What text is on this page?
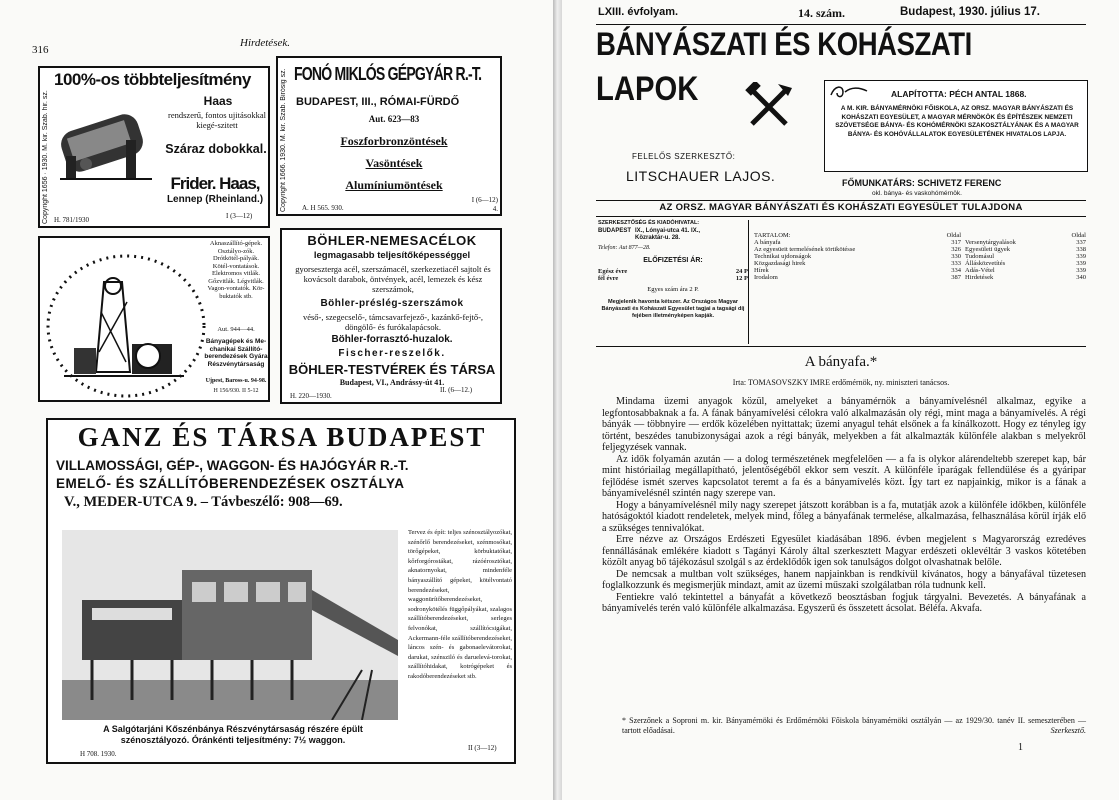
316
Hirdetések.
Copyright 1656 · 1930. M. kir. Szab. hir. sz.
100%-os többteljesítmény
Haas
rendszerű, fontos ujitásokkal kiegé-szitett
Száraz dobokkal.
Frider. Haas,
Lennep (Rheinland.)
H. 781/1930	I (3—12)
Copyright 1666. 1930. M. kir. Szab. Birósig sz. FONÓ MIKLÓS GÉPGYÁR R.-T.
BUDAPEST, III., RÓMAI-FÜRDŐ
Aut. 623—83
Foszforbronzöntések
Vasöntések
Alumíniumöntések
A. H 565. 930.
I (6—12)
4.
Aknaszállító-gépek. Osztályo-zók. Drótkötél-pályák. Kötél-vontatások. Elektromos vitlák. Gőzvitlák. Légvitlák. Vagon-vontatók. Kör-buktatók stb.
Aut. 944—44.
Bányagépek és Me-chanikai Szállító-berendezések Gyára Részvénytársaság
Ujpest, Baross-u. 94-98.
H 156/930. II 5-12
BÖHLER-NEMESACÉLOK
legmagasabb teljesítőképességgel
gyorseszterga acél, szerszámacél, szerkezetiacél sajtolt és kovácsolt darabok, öntvények, acél, lemezek és kész szerszámok,
Böhler-préslég-szerszámok
véső-, szegecselő-, támcsavarfejező-, kazánkő-fejtő-, döngölő- és furókalapácsok.
Böhler-forrasztó-huzalok.
Fischer-reszelők.
BÖHLER-TESTVÉREK ÉS TÁRSA
Budapest, VI., Andrássy-út 41.
H. 220—1930.
II. (6—12.)
GANZ ÉS TÁRSA BUDAPEST
VILLAMOSSÁGI, GÉP-, WAGGON- ÉS HAJÓGYÁR R.-T.
EMELŐ- ÉS SZÁLLÍTÓBERENDEZÉSEK OSZTÁLYA
V., MEDER-UTCA 9. – Távbeszélő: 908—69.
Tervez és épít: teljes szénosztályozókat, szénőrlő berendezéseket, szénmosókat, törőgépeket, körbuktatókat, kőrforgórostákat, rázóérosztókat, aknatornyokat, mindenféle bányaszállító gépeket, kötélvontató berendezéseket, waggonürítőberendezéseket, sodronykötélés függőpályákat, szalagos szállítóberendezéseket, serleges felvonókat, szállítócsigákat, Ackermann-féle szállítóberendezéseket, láncos szén- és gabonaelevátorokat, darukat, szénsziló és daruelevá-torokat, szállítóhidakat, kotrógépeket és rakodóberendezéseket stb.
A Salgótarjáni Kőszénbánya Részvénytársaság részére épült szénosztályozó. Óránkénti teljesítmény: 7½ waggon.
H 708. 1930.
II (3—12)
LXIII. évfolyam.	14. szám.	Budapest, 1930. július 17.
BÁNYÁSZATI ÉS KOHÁSZATI
LAPOK	ALAPÍTOTTA: PÉCH ANTAL 1868.
A M. KIR. BÁNYAMÉRNÖKI FŐISKOLA, AZ ORSZ. MAGYAR BÁNYÁSZATI ÉS KOHÁSZATI EGYESÜLET, A MAGYAR MÉRNÖKÖK ÉS ÉPÍTÉSZEK NEMZETI SZÖVETSÉGE BÁNYA- ÉS KOHÓMÉRNÖKI SZAKOSZTÁLYÁNAK ÉS A MAGYAR BÁNYA- ÉS KOHÓVÁLLALATOK EGYESÜLETÉNEK HIVATALOS LAPJA.
FELELŐS SZERKESZTŐ:
LITSCHAUER LAJOS.	FŐMUNKATÁRS: SCHIVETZ FERENC
okl. bánya- és vaskohómérnök.
AZ ORSZ. MAGYAR BÁNYÁSZATI ÉS KOHÁSZATI EGYESÜLET TULAJDONA
SZERKESZTŐSÉG ÉS KIADÓHIVATAL:
BUDAPEST IX., Lónyai-utca 41. IX., Közraktár-u. 28.
Telefon: Aut 877—28.
ELŐFIZETÉSI ÁR:
Egész évre	24 P
fél évre	12 P
Egyes szám ára 2 P.
Megjelenik havonta kétszer. Az Országos Magyar Bányászati és Kohászati Egyesület tagjai a tagsági díj fejében illetményképen kapják.
TARTALOM:	Oldal		Oldal
A bányafa	317	Versenytárgyalások	337
Az egyesüeit termelésének törtikötésse	326	Egyesületi ügyek	338
Technikai ujdonságok	330	Tudomásul	339
Közgazdasági hirek	333	Állásközvetítés	339
Hírek	334	Adás-Vétel	339
Irodalom	387	Hirdetések	340
A bányafa.*
Irta: TOMASOVSZKY IMRE erdőmérnök, ny. miniszteri tanácsos.

Mindama üzemi anyagok közül, amelyeket a bányamérnök a bányamívelésnél alkalmaz, egyike a legfontosabbaknak a fa. A fának bányamívelési célokra való alkalmazásán oly régi, mint maga a bányamívelés. A régi bányák — többnyire — erdők közelében nyittattak; üzemi anyagul tehát elsőnek a fa kínálkozott. Hogy ez tényleg így történt, beszédes tanubizonyságai azok a régi bányák, melyekben a fát alkalmazták különféle alakban s melyekről feljegyzések vannak.

Az idők folyamán azután — a dolog természetének megfelelően — a fa is olykor alárendeltebb szerepet kap, bár mint históriailag megállapítható, jelentőségéből ekkor sem veszít. A különféle iparágak fellendülése és a gyáripar fejlődése ismét szerves kapcsolatot teremt a fa és a bányamívelés közt. Így tart ez napjainkig, mikor is a fának a bányamívelésnél szintén nagy szerepe van.

Hogy a bányamívelésnél mily nagy szerepet játszott korábban is a fa, mutatják azok a különféle időkben, különféle hatóságoktól kiadott rendeletek, melyek mind, főleg a bányafának termelése, alkalmazása, felhasználása körül írják elő a szükséges tennivalókat.

Erre nézve az Országos Erdészeti Egyesület kiadásában 1896. évben megjelent s Magyarország ezredéves fennállásának emlékére kiadott s Tagányi Károly által szerkesztett Magyar erdészeti oklevéltár 3 vaskos kötetében közölt anyag bő tájékozásul szolgál s az érdeklődők igen sok tanulságos dolgot olvashatnak belőle.

De nemcsak a multban volt szükséges, hanem napjainkban is rendkívül kívánatos, hogy a bányafával tüzetesen foglalkozzunk és megismerjük mindazt, amit az üzemi műszaki szolgálatban róla tudnunk kell.

Fentiekre való tekintettel a bányafát a következő beosztásban fogjuk tárgyalni. Bevezetés. A bányafának a bányamívelés terén való különféle alkalmazása. Egyszerű és összetett ácsolat. Béléfa. Akvafa.

* Szerzőnek a Soproni m. kir. Bányamérnöki és Erdőmérnöki Főiskola bányamérnöki osztályán — az 1929/30. tanév II. semeszterében — tartott előadásai.	Szerkesztő.
1
